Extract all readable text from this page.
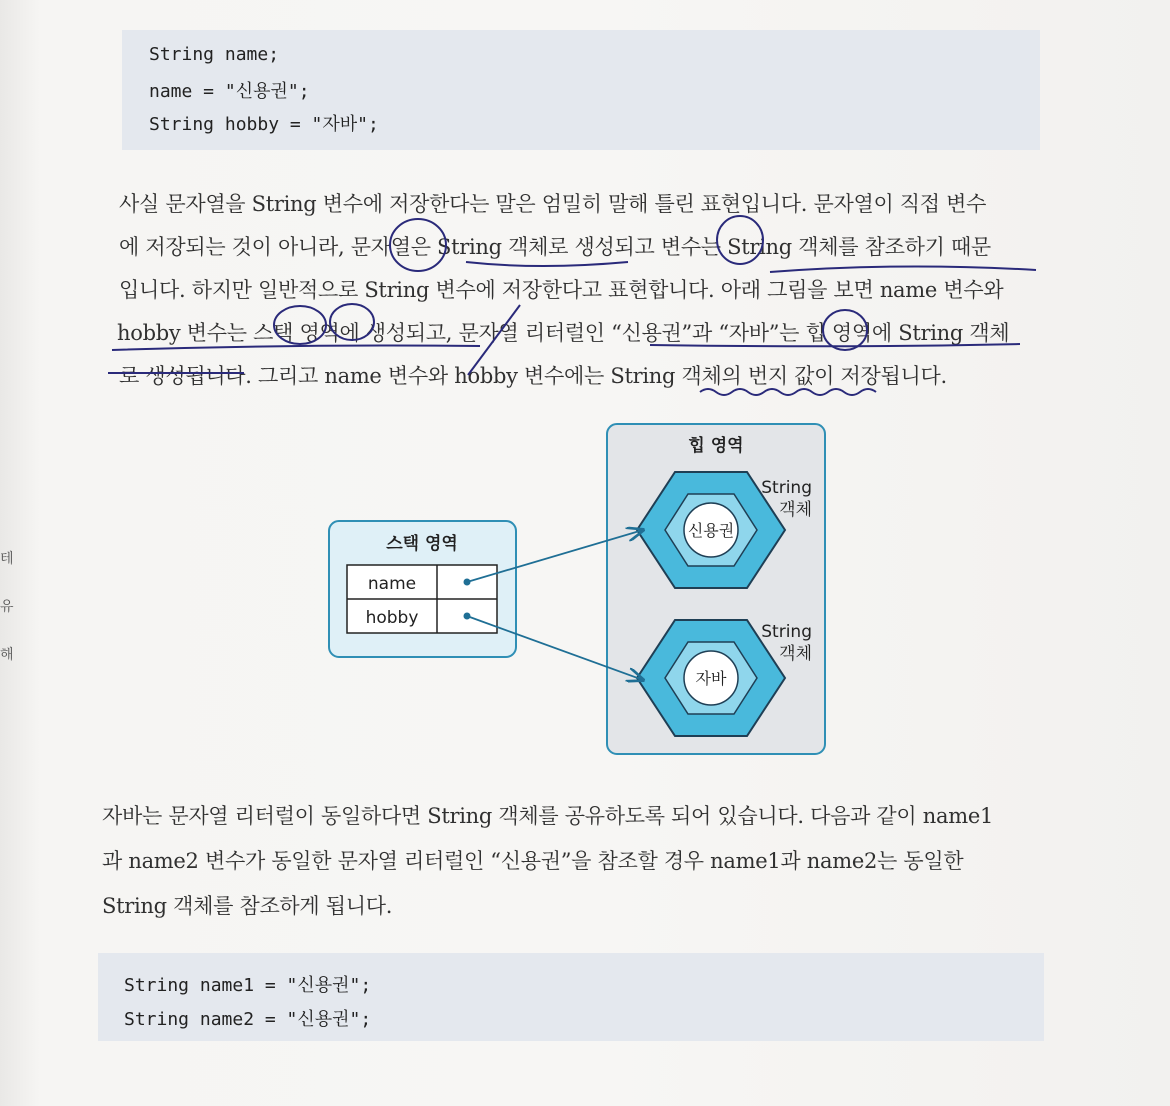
테
유
해
String name;
name = "신용권";
String hobby = "자바";
사실 문자열을 String 변수에 저장한다는 말은 엄밀히 말해 틀린 표현입니다. 문자열이 직접 변수
에 저장되는 것이 아니라, 문자열은 String 객체로 생성되고 변수는 String 객체를 참조하기 때문
입니다. 하지만 일반적으로 String 변수에 저장한다고 표현합니다. 아래 그림을 보면 name 변수와
hobby 변수는 스택 영역에 생성되고, 문자열 리터럴인 “신용권”과 “자바”는 힙 영역에 String 객체
로 생성됩니다. 그리고 name 변수와 hobby 변수에는 String 객체의 번지 값이 저장됩니다.
힙 영역
신용권
String
객체
자바
String
객체
스택 영역
name
hobby
자바는 문자열 리터럴이 동일하다면 String 객체를 공유하도록 되어 있습니다. 다음과 같이 name1
과 name2 변수가 동일한 문자열 리터럴인 “신용권”을 참조할 경우 name1과 name2는 동일한
String 객체를 참조하게 됩니다.
String name1 = "신용권";
String name2 = "신용권";
